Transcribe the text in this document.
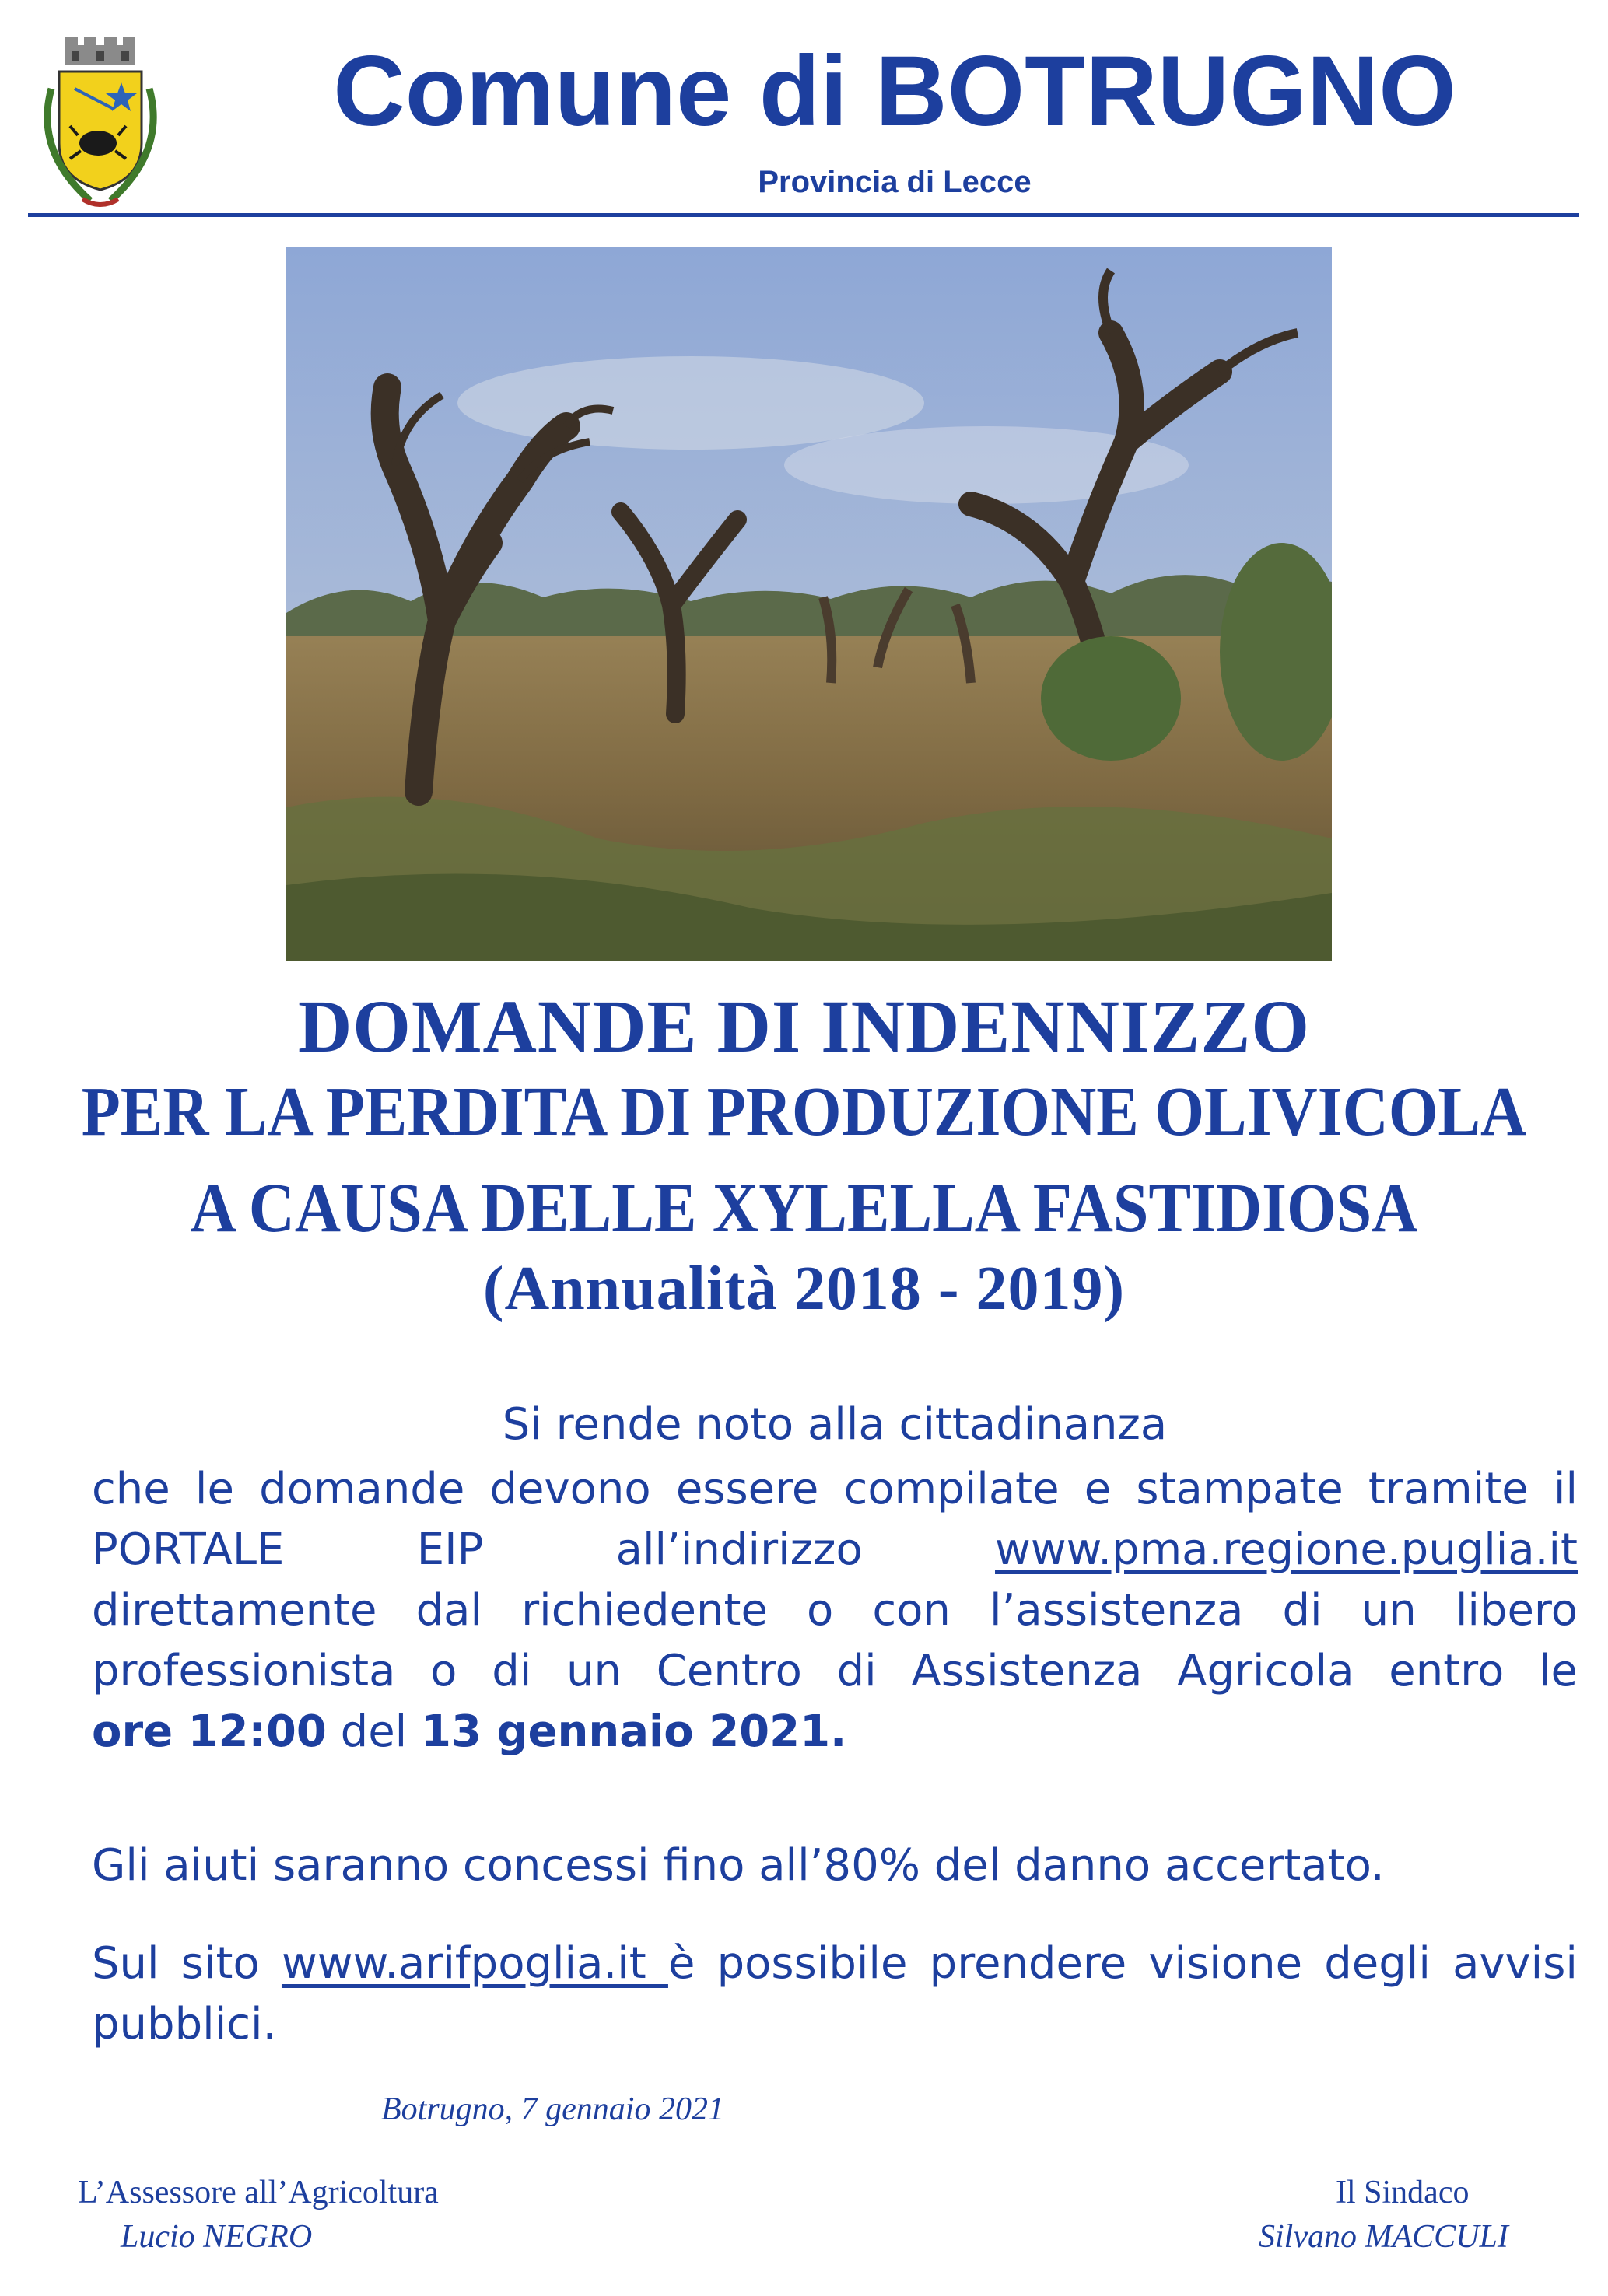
Comune di BOTRUGNO
Provincia di Lecce
DOMANDE DI INDENNIZZO
PER LA PERDITA DI PRODUZIONE OLIVICOLA
A CAUSA DELLE XYLELLA FASTIDIOSA
(Annualità 2018 - 2019)
Si rende noto alla cittadinanza
che le domande devono essere compilate e stampate tramite il
PORTALE EIP all’indirizzo	www.pma.regione.puglia.it
direttamente dal richiedente o con l’assistenza di un libero
professionista o di un Centro di Assistenza Agricola entro le
ore 12:00 del 13 gennaio 2021.
Gli aiuti saranno concessi fino all’80% del danno accertato.
Sul sito www.arifpoglia.it è possibile prendere visione degli avvisi
pubblici.
Botrugno, 7 gennaio 2021
L’Assessore all’Agricoltura
Lucio NEGRO
Il Sindaco
Silvano MACCULI
